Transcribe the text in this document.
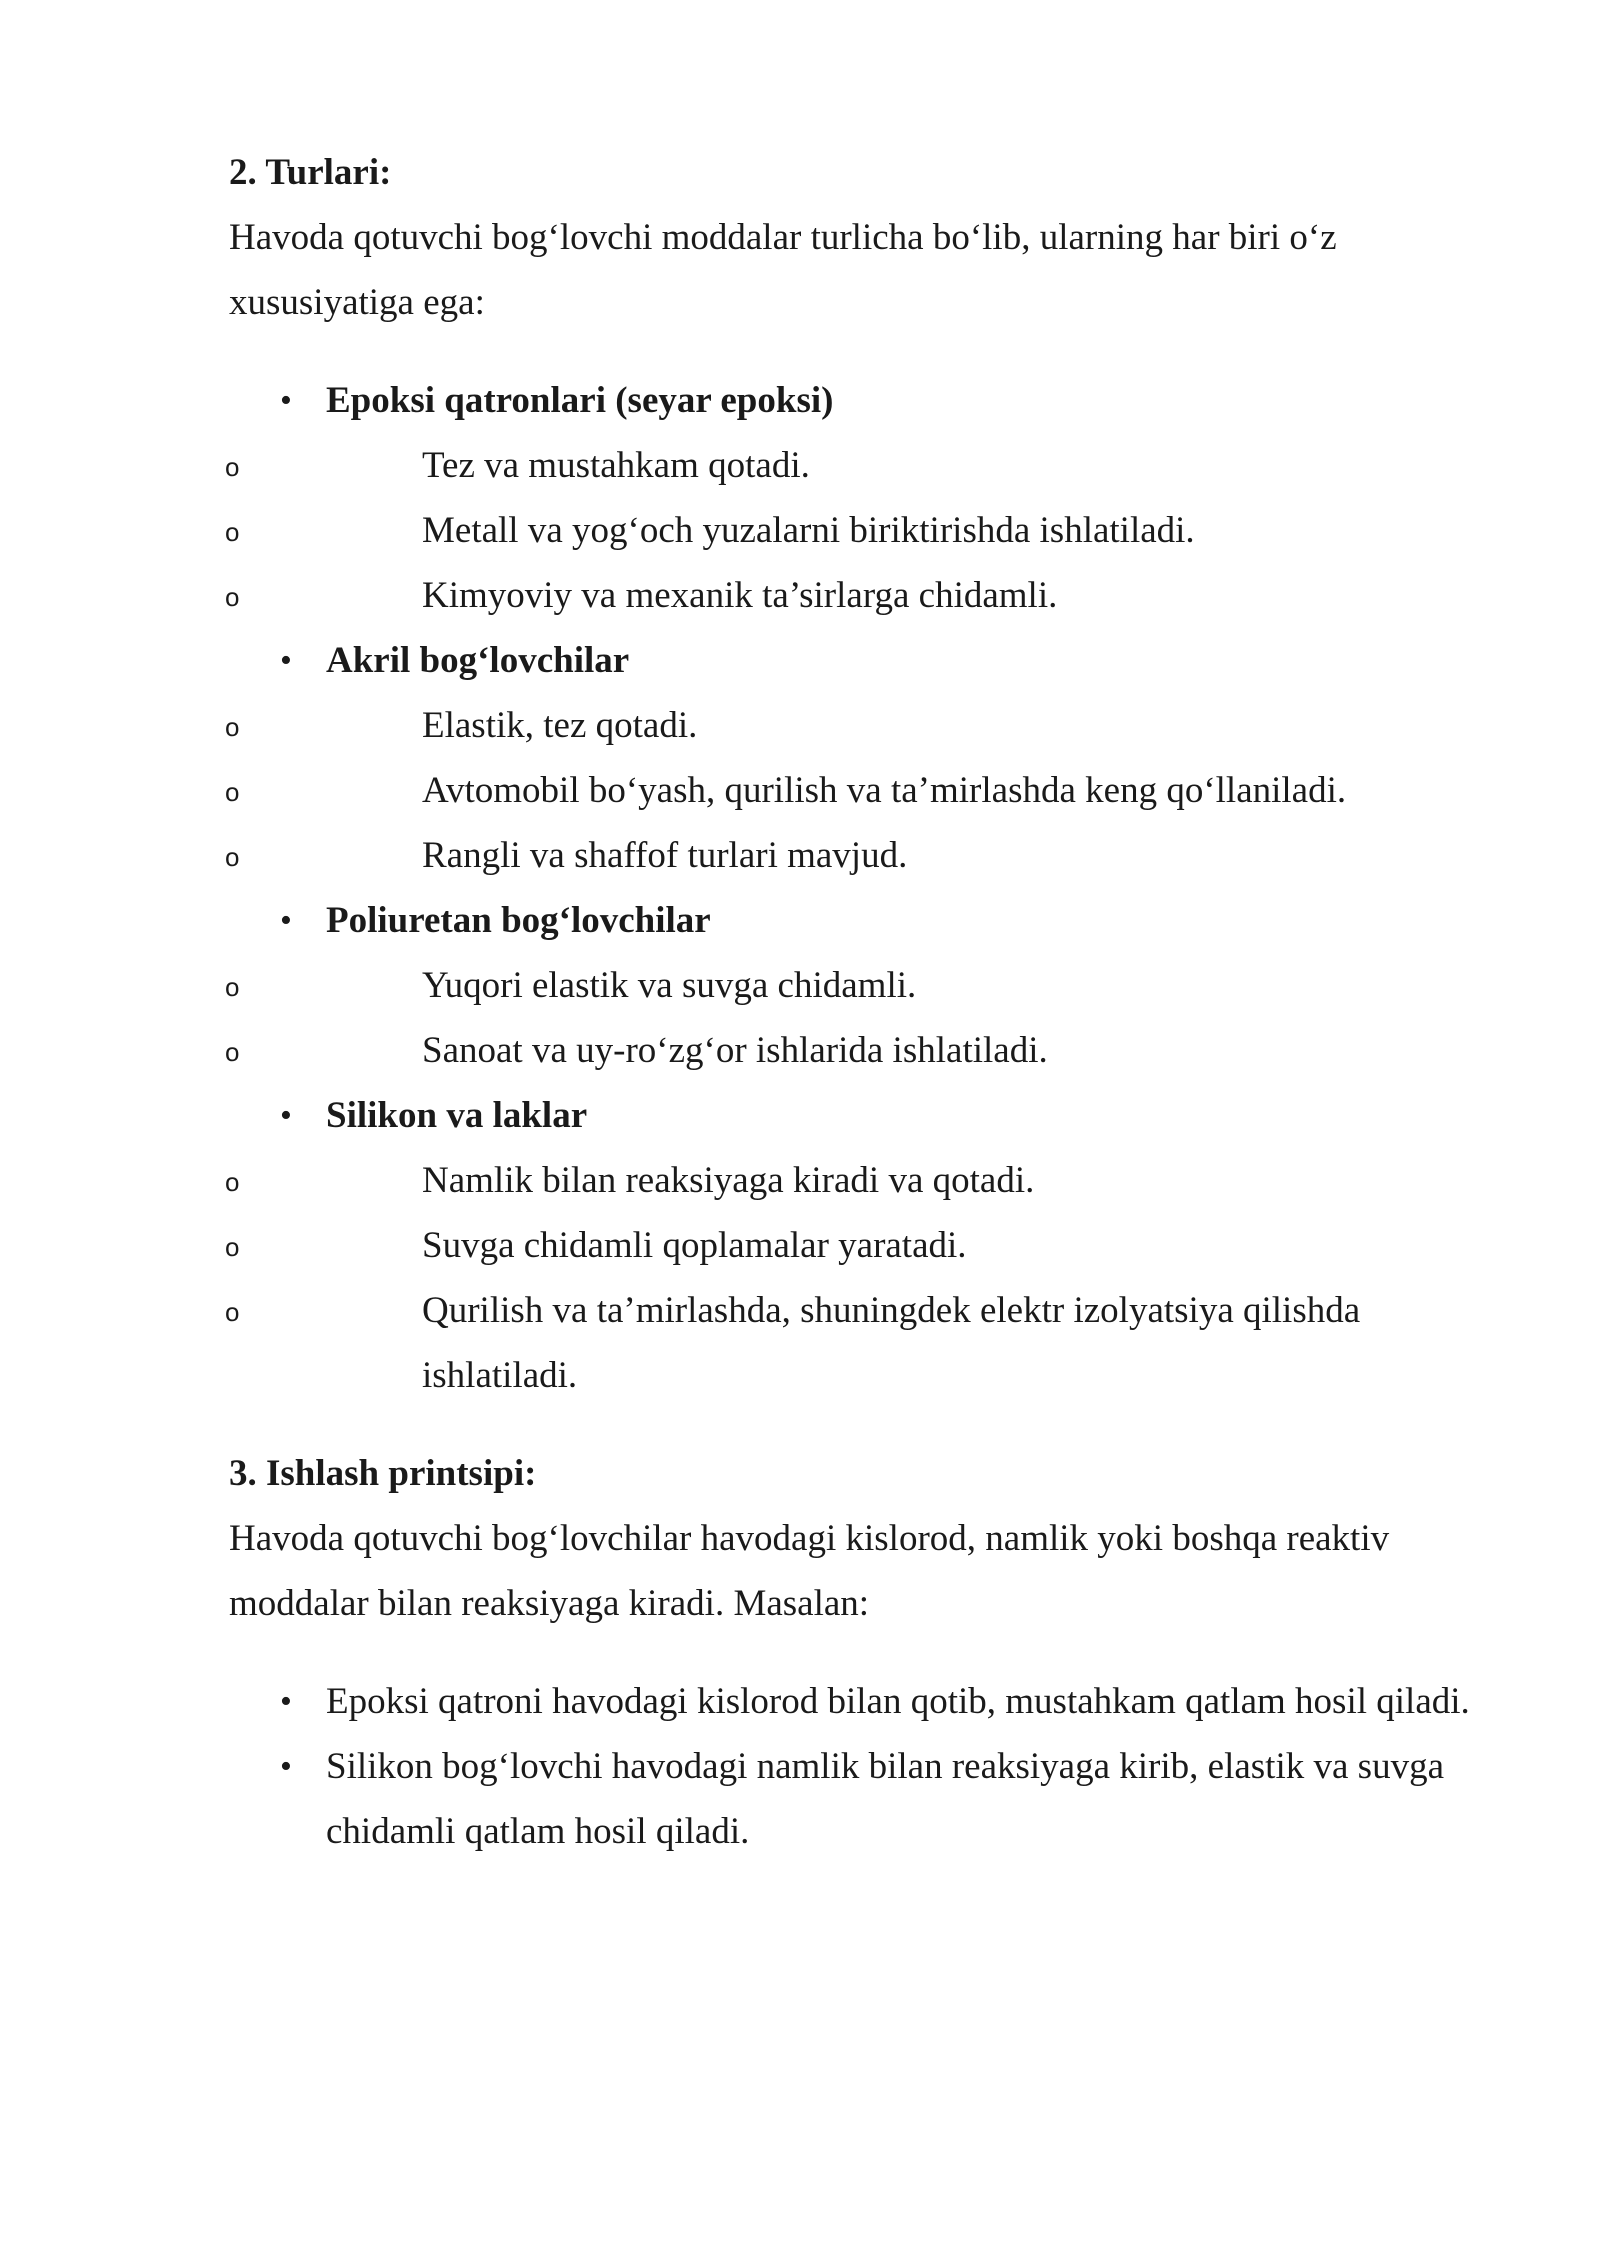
2. Turlari:

Havoda qotuvchi bog‘lovchi moddalar turlicha bo‘lib, ularning har biri o‘z xususiyatiga ega:

• Epoksi qatronlari (seyar epoksi)
o	Tez va mustahkam qotadi.
o	Metall va yog‘och yuzalarni biriktirishda ishlatiladi.
o	Kimyoviy va mexanik ta’sirlarga chidamli.
• Akril bog‘lovchilar
o	Elastik, tez qotadi.
o	Avtomobil bo‘yash, qurilish va ta’mirlashda keng qo‘llaniladi.
o	Rangli va shaffof turlari mavjud.
• Poliuretan bog‘lovchilar
o	Yuqori elastik va suvga chidamli.
o	Sanoat va uy-ro‘zg‘or ishlarida ishlatiladi.
• Silikon va laklar
o	Namlik bilan reaksiyaga kiradi va qotadi.
o	Suvga chidamli qoplamalar yaratadi.
o	Qurilish va ta’mirlashda, shuningdek elektr izolyatsiya qilishda ishlatiladi.

3. Ishlash printsipi:

Havoda qotuvchi bog‘lovchilar havodagi kislorod, namlik yoki boshqa reaktiv moddalar bilan reaksiyaga kiradi. Masalan:

• Epoksi qatroni havodagi kislorod bilan qotib, mustahkam qatlam hosil qiladi.
• Silikon bog‘lovchi havodagi namlik bilan reaksiyaga kirib, elastik va suvga chidamli qatlam hosil qiladi.
